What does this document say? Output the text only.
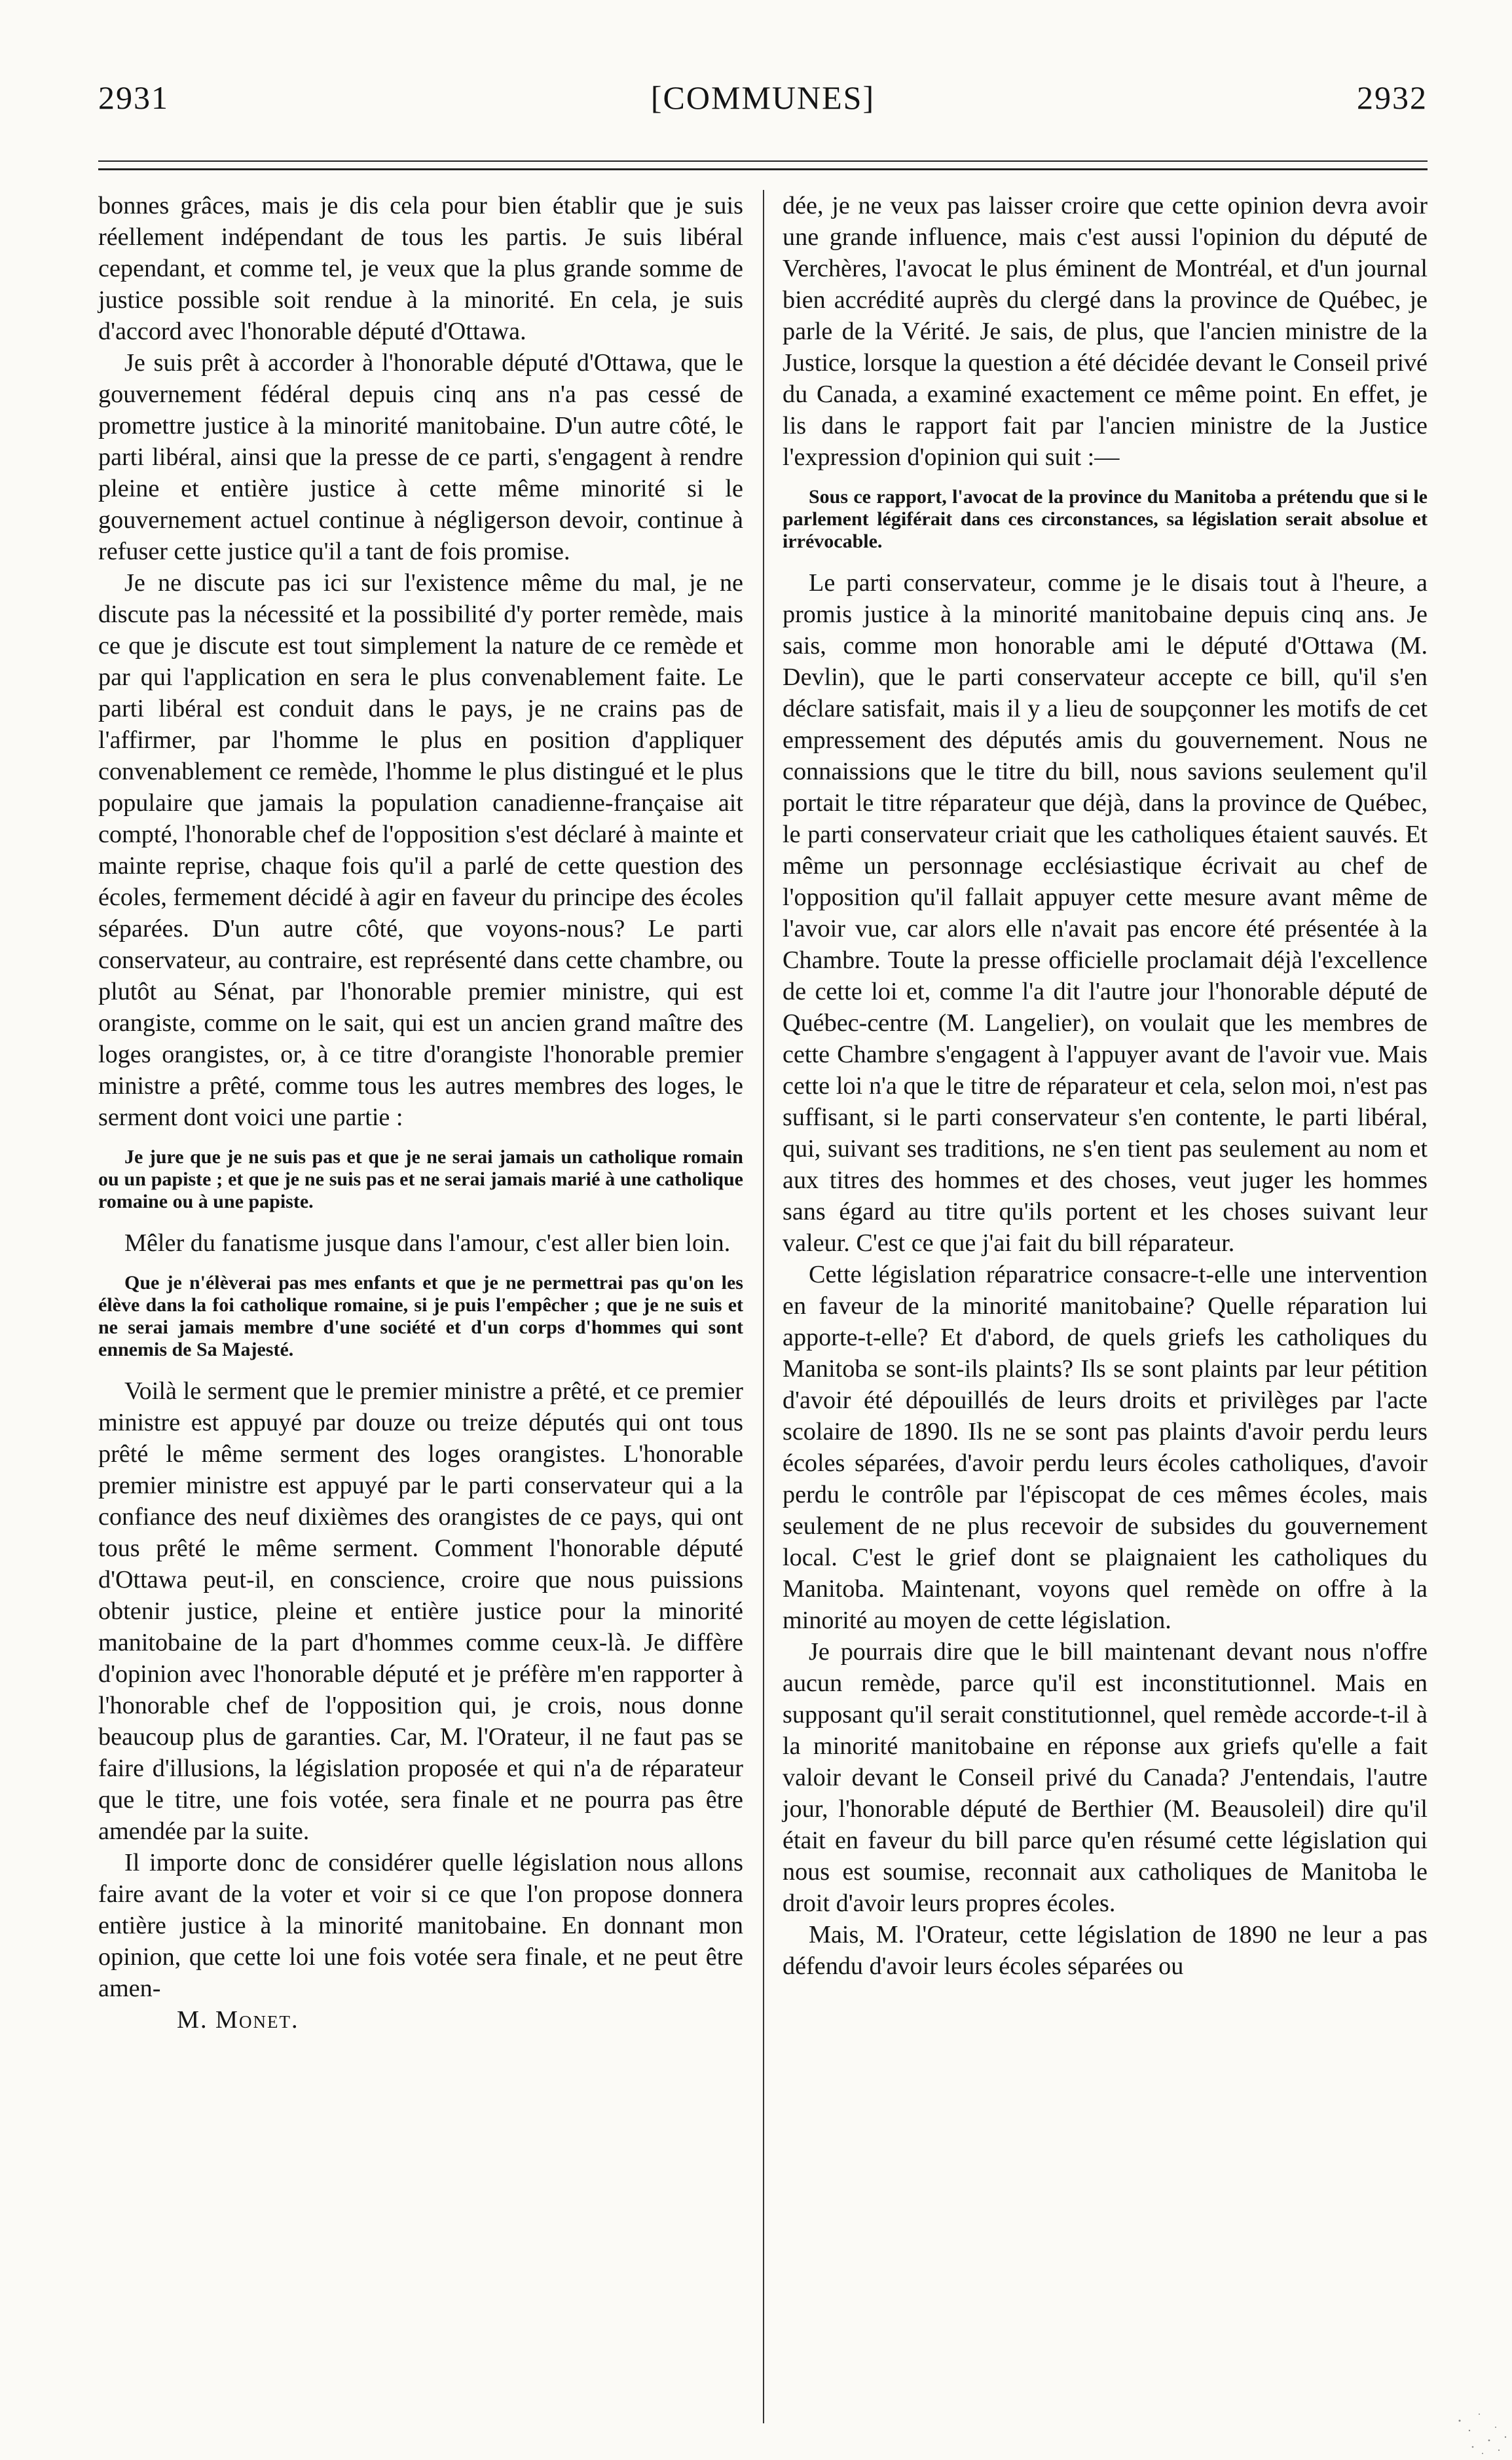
2931	[COMMUNES]	2932

bonnes grâces, mais je dis cela pour bien établir que je suis réellement indépendant de tous les partis. Je suis libéral cependant, et comme tel, je veux que la plus grande somme de justice possible soit rendue à la minorité. En cela, je suis d'accord avec l'honorable député d'Ottawa.

Je suis prêt à accorder à l'honorable député d'Ottawa, que le gouvernement fédéral depuis cinq ans n'a pas cessé de promettre justice à la minorité manitobaine. D'un autre côté, le parti libéral, ainsi que la presse de ce parti, s'engagent à rendre pleine et entière justice à cette même minorité si le gouvernement actuel continue à négligerson devoir, continue à refuser cette justice qu'il a tant de fois promise.

Je ne discute pas ici sur l'existence même du mal, je ne discute pas la nécessité et la possibilité d'y porter remède, mais ce que je discute est tout simplement la nature de ce remède et par qui l'application en sera le plus convenablement faite. Le parti libéral est conduit dans le pays, je ne crains pas de l'affirmer, par l'homme le plus en position d'appliquer convenablement ce remède, l'homme le plus distingué et le plus populaire que jamais la population canadienne-française ait compté, l'honorable chef de l'opposition s'est déclaré à mainte et mainte reprise, chaque fois qu'il a parlé de cette question des écoles, fermement décidé à agir en faveur du principe des écoles séparées. D'un autre côté, que voyons-nous? Le parti conservateur, au contraire, est représenté dans cette chambre, ou plutôt au Sénat, par l'honorable premier ministre, qui est orangiste, comme on le sait, qui est un ancien grand maître des loges orangistes, or, à ce titre d'orangiste l'honorable premier ministre a prêté, comme tous les autres membres des loges, le serment dont voici une partie :

Je jure que je ne suis pas et que je ne serai jamais un catholique romain ou un papiste ; et que je ne suis pas et ne serai jamais marié à une catholique romaine ou à une papiste.

Mêler du fanatisme jusque dans l'amour, c'est aller bien loin.

Que je n'élèverai pas mes enfants et que je ne permettrai pas qu'on les élève dans la foi catholique romaine, si je puis l'empêcher ; que je ne suis et ne serai jamais membre d'une société et d'un corps d'hommes qui sont ennemis de Sa Majesté.

Voilà le serment que le premier ministre a prêté, et ce premier ministre est appuyé par douze ou treize députés qui ont tous prêté le même serment des loges orangistes. L'honorable premier ministre est appuyé par le parti conservateur qui a la confiance des neuf dixièmes des orangistes de ce pays, qui ont tous prêté le même serment. Comment l'honorable député d'Ottawa peut-il, en conscience, croire que nous puissions obtenir justice, pleine et entière justice pour la minorité manitobaine de la part d'hommes comme ceux-là. Je diffère d'opinion avec l'honorable député et je préfère m'en rapporter à l'honorable chef de l'opposition qui, je crois, nous donne beaucoup plus de garanties. Car, M. l'Orateur, il ne faut pas se faire d'illusions, la législation proposée et qui n'a de réparateur que le titre, une fois votée, sera finale et ne pourra pas être amendée par la suite.

Il importe donc de considérer quelle législation nous allons faire avant de la voter et voir si ce que l'on propose donnera entière justice à la minorité manitobaine. En donnant mon opinion, que cette loi une fois votée sera finale, et ne peut être amen-

M. Monet.

dée, je ne veux pas laisser croire que cette opinion devra avoir une grande influence, mais c'est aussi l'opinion du député de Verchères, l'avocat le plus éminent de Montréal, et d'un journal bien accrédité auprès du clergé dans la province de Québec, je parle de la Vérité. Je sais, de plus, que l'ancien ministre de la Justice, lorsque la question a été décidée devant le Conseil privé du Canada, a examiné exactement ce même point. En effet, je lis dans le rapport fait par l'ancien ministre de la Justice l'expression d'opinion qui suit :—

Sous ce rapport, l'avocat de la province du Manitoba a prétendu que si le parlement légiférait dans ces circonstances, sa législation serait absolue et irrévocable.

Le parti conservateur, comme je le disais tout à l'heure, a promis justice à la minorité manitobaine depuis cinq ans. Je sais, comme mon honorable ami le député d'Ottawa (M. Devlin), que le parti conservateur accepte ce bill, qu'il s'en déclare satisfait, mais il y a lieu de soupçonner les motifs de cet empressement des députés amis du gouvernement. Nous ne connaissions que le titre du bill, nous savions seulement qu'il portait le titre réparateur que déjà, dans la province de Québec, le parti conservateur criait que les catholiques étaient sauvés. Et même un personnage ecclésiastique écrivait au chef de l'opposition qu'il fallait appuyer cette mesure avant même de l'avoir vue, car alors elle n'avait pas encore été présentée à la Chambre. Toute la presse officielle proclamait déjà l'excellence de cette loi et, comme l'a dit l'autre jour l'honorable député de Québec-centre (M. Langelier), on voulait que les membres de cette Chambre s'engagent à l'appuyer avant de l'avoir vue. Mais cette loi n'a que le titre de réparateur et cela, selon moi, n'est pas suffisant, si le parti conservateur s'en contente, le parti libéral, qui, suivant ses traditions, ne s'en tient pas seulement au nom et aux titres des hommes et des choses, veut juger les hommes sans égard au titre qu'ils portent et les choses suivant leur valeur. C'est ce que j'ai fait du bill réparateur.

Cette législation réparatrice consacre-t-elle une intervention en faveur de la minorité manitobaine? Quelle réparation lui apporte-t-elle? Et d'abord, de quels griefs les catholiques du Manitoba se sont-ils plaints? Ils se sont plaints par leur pétition d'avoir été dépouillés de leurs droits et privilèges par l'acte scolaire de 1890. Ils ne se sont pas plaints d'avoir perdu leurs écoles séparées, d'avoir perdu leurs écoles catholiques, d'avoir perdu le contrôle par l'épiscopat de ces mêmes écoles, mais seulement de ne plus recevoir de subsides du gouvernement local. C'est le grief dont se plaignaient les catholiques du Manitoba. Maintenant, voyons quel remède on offre à la minorité au moyen de cette législation.

Je pourrais dire que le bill maintenant devant nous n'offre aucun remède, parce qu'il est inconstitutionnel. Mais en supposant qu'il serait constitutionnel, quel remède accorde-t-il à la minorité manitobaine en réponse aux griefs qu'elle a fait valoir devant le Conseil privé du Canada? J'entendais, l'autre jour, l'honorable député de Berthier (M. Beausoleil) dire qu'il était en faveur du bill parce qu'en résumé cette législation qui nous est soumise, reconnait aux catholiques de Manitoba le droit d'avoir leurs propres écoles.

Mais, M. l'Orateur, cette législation de 1890 ne leur a pas défendu d'avoir leurs écoles séparées ou
